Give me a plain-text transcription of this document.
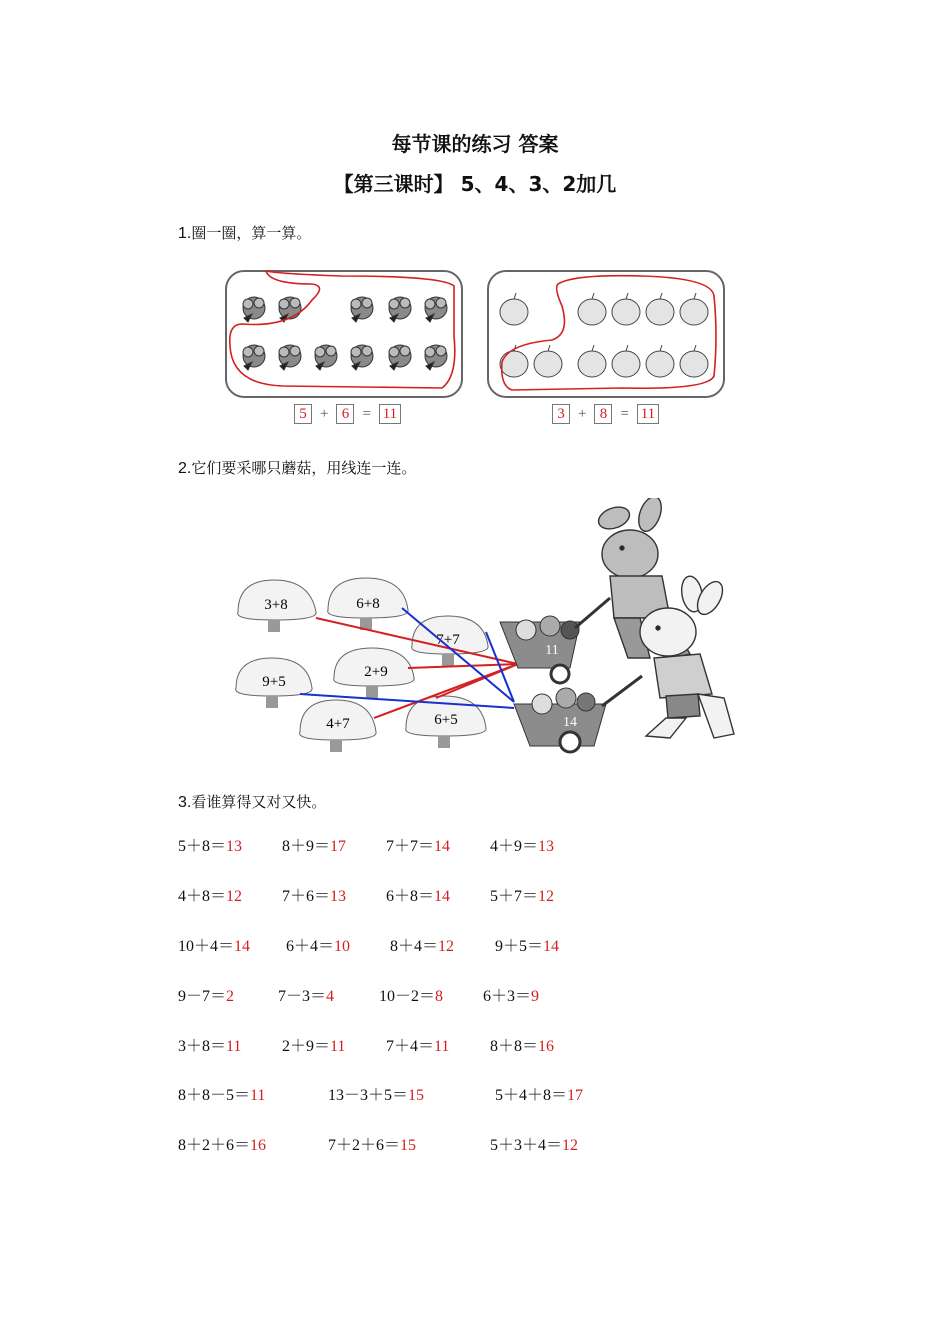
每节课的练习 答案
【第三课时】 5、4、3、2加几
1.圈一圈，算一算。
5 + 6 = 11	3 + 8 = 11
2.它们要采哪只蘑菇，用线连一连。
3+8	6+8
7+7
9+5
2+9
4+7	6+5
11
14
3.看谁算得又对又快。
5＋8＝13 8＋9＝17 7＋7＝14 4＋9＝13
4＋8＝12 7＋6＝13 6＋8＝14 5＋7＝12
10＋4＝14 6＋4＝10 8＋4＝12	9＋5＝14
9－7＝2	7－3＝4	10－2＝8 6＋3＝9
3＋8＝11	2＋9＝11	7＋4＝11	8＋8＝16
8＋8－5＝11	13－3＋5＝15	5＋4＋8＝17
8＋2＋6＝16	7＋2＋6＝15	5＋3＋4＝12
